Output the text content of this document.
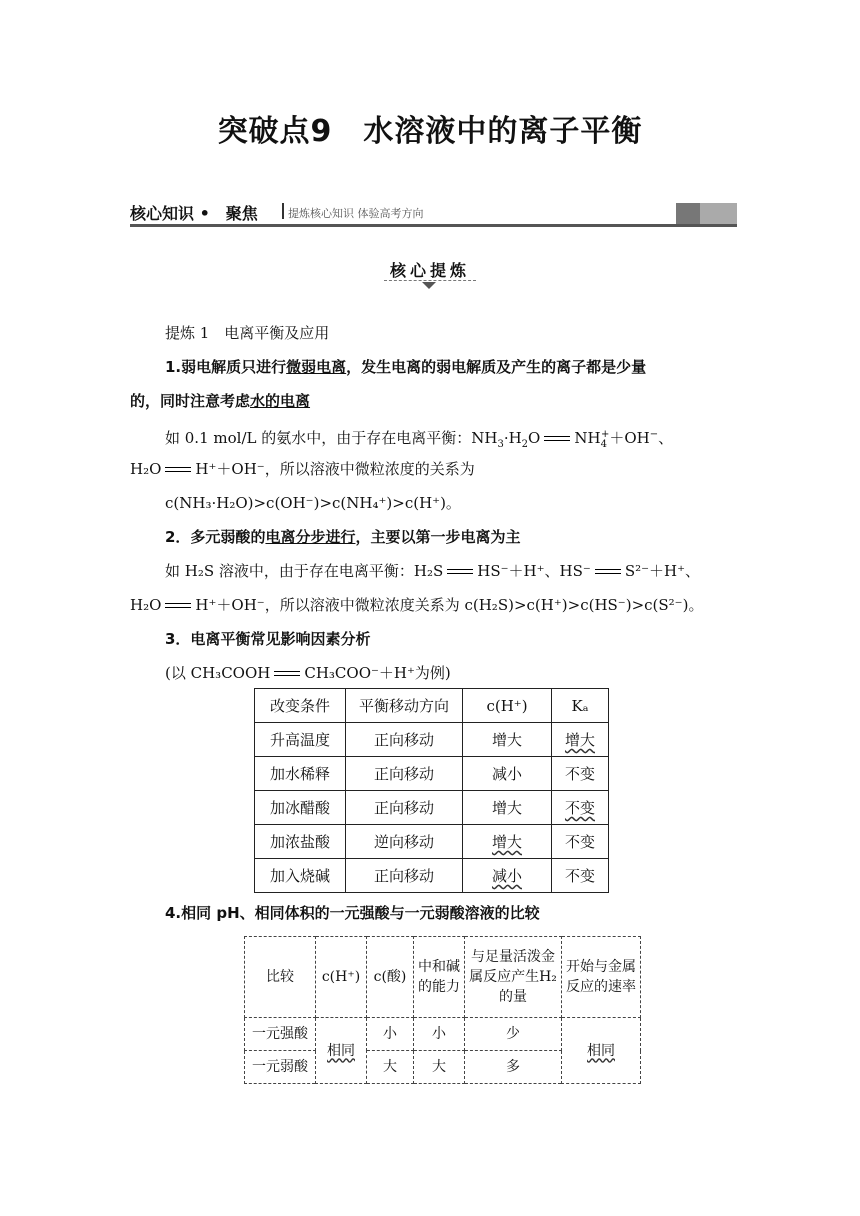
突破点9　水溶液中的离子平衡
核心知识 •　聚焦	提炼核心知识 体验高考方向
核心提炼
提炼 1　电离平衡及应用
1.弱电解质只进行微弱电离，发生电离的弱电解质及产生的离子都是少量
的，同时注意考虑水的电离
如 0.1 mol/L 的氨水中，由于存在电离平衡：$NH_3\cdot H_2O$ $NH_4^++OH^-$、
H₂O H⁺＋OH⁻，所以溶液中微粒浓度的关系为
c(NH₃·H₂O)>c(OH⁻)>c(NH₄⁺)>c(H⁺)。
2．多元弱酸的电离分步进行，主要以第一步电离为主
如 H₂S 溶液中，由于存在电离平衡：H₂S HS⁻＋H⁺、HS⁻ S²⁻＋H⁺、
H₂O H⁺＋OH⁻，所以溶液中微粒浓度关系为 c(H₂S)>c(H⁺)>c(HS⁻)>c(S²⁻)。
3．电离平衡常见影响因素分析
(以 CH₃COOH CH₃COO⁻＋H⁺为例)
改变条件	平衡移动方向	c(H⁺)	Kₐ
升高温度	正向移动	增大	增大
加水稀释	正向移动	减小	不变
加冰醋酸	正向移动	增大	不变
加浓盐酸	逆向移动	增大	不变
加入烧碱	正向移动	减小	不变
4.相同 pH、相同体积的一元强酸与一元弱酸溶液的比较
比较	c(H⁺)	c(酸)	中和碱的能力	与足量活泼金属反应产生H₂的量	开始与金属反应的速率
一元强酸	相同	小	小	少	相同
一元弱酸		大	大	多	
